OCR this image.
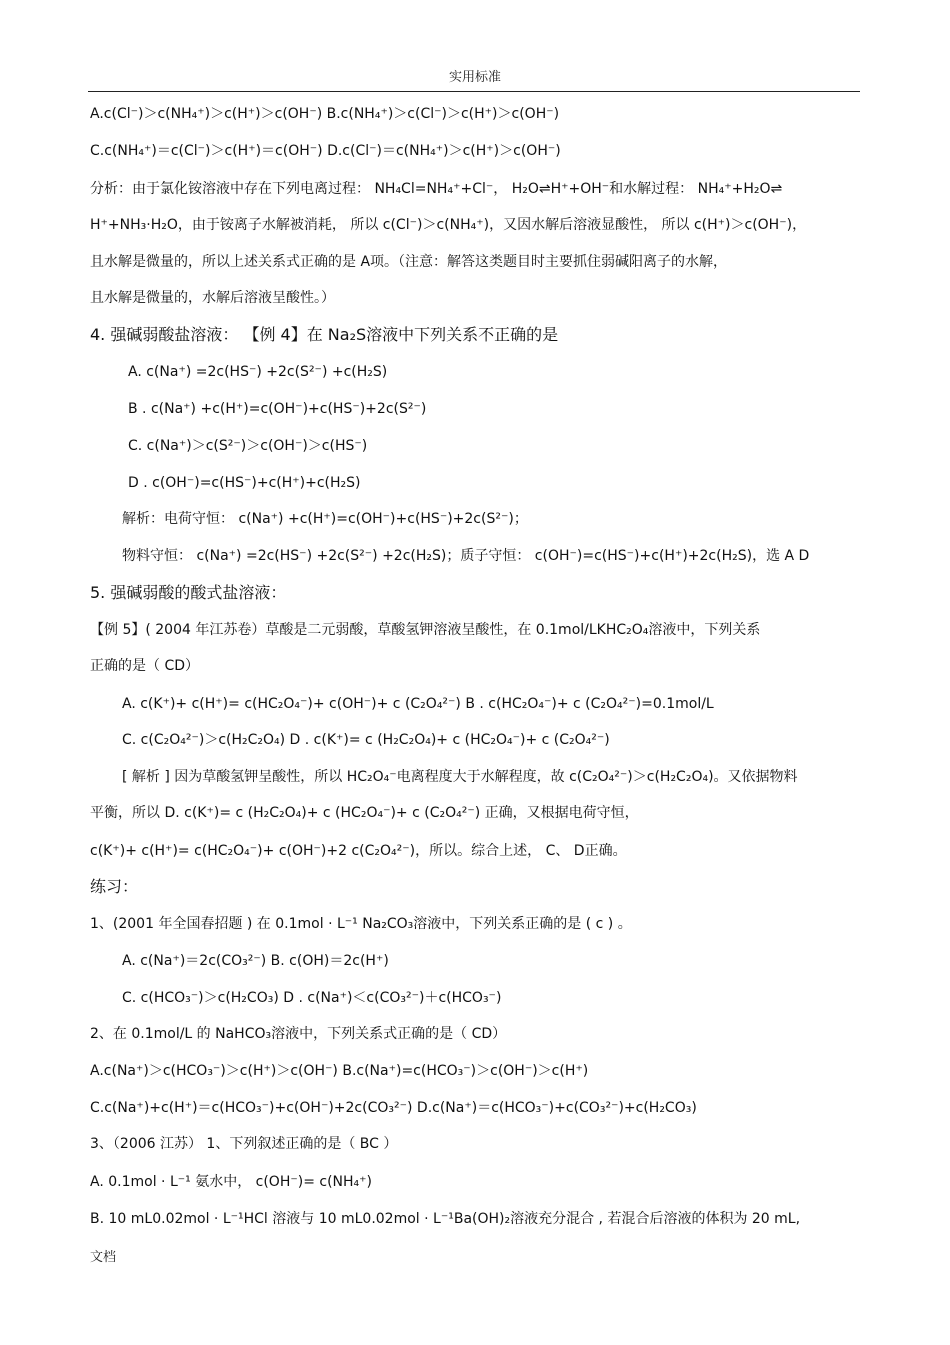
实用标准
A.c(Cl⁻)＞c(NH₄⁺)＞c(H⁺)＞c(OH⁻) B.c(NH₄⁺)＞c(Cl⁻)＞c(H⁺)＞c(OH⁻)
C.c(NH₄⁺)＝c(Cl⁻)＞c(H⁺)＝c(OH⁻) D.c(Cl⁻)＝c(NH₄⁺)＞c(H⁺)＞c(OH⁻)
分析：由于氯化铵溶液中存在下列电离过程： NH₄Cl=NH₄⁺+Cl⁻， H₂O⇌H⁺+OH⁻和水解过程： NH₄⁺+H₂O⇌
H⁺+NH₃·H₂O，由于铵离子水解被消耗， 所以 c(Cl⁻)＞c(NH₄⁺)，又因水解后溶液显酸性， 所以 c(H⁺)＞c(OH⁻)，
且水解是微量的，所以上述关系式正确的是 A项。（注意：解答这类题目时主要抓住弱碱阳离子的水解，
且水解是微量的，水解后溶液呈酸性。）
4. 强碱弱酸盐溶液： 【例 4】在 Na₂S溶液中下列关系不正确的是
A. c(Na⁺) =2c(HS⁻) +2c(S²⁻) +c(H₂S)
B . c(Na⁺) +c(H⁺)=c(OH⁻)+c(HS⁻)+2c(S²⁻)
C. c(Na⁺)＞c(S²⁻)＞c(OH⁻)＞c(HS⁻)
D . c(OH⁻)=c(HS⁻)+c(H⁺)+c(H₂S)
解析：电荷守恒： c(Na⁺) +c(H⁺)=c(OH⁻)+c(HS⁻)+2c(S²⁻)；
物料守恒： c(Na⁺) =2c(HS⁻) +2c(S²⁻) +2c(H₂S)；质子守恒： c(OH⁻)=c(HS⁻)+c(H⁺)+2c(H₂S)，选 A D
5. 强碱弱酸的酸式盐溶液：
【例 5】( 2004 年江苏卷）草酸是二元弱酸，草酸氢钾溶液呈酸性，在 0.1mol/LKHC₂O₄溶液中，下列关系
正确的是（ CD）
A. c(K⁺)+ c(H⁺)= c(HC₂O₄⁻)+ c(OH⁻)+ c (C₂O₄²⁻) B . c(HC₂O₄⁻)+ c (C₂O₄²⁻)=0.1mol/L
C. c(C₂O₄²⁻)＞c(H₂C₂O₄) D . c(K⁺)= c (H₂C₂O₄)+ c (HC₂O₄⁻)+ c (C₂O₄²⁻)
[ 解析 ] 因为草酸氢钾呈酸性，所以 HC₂O₄⁻电离程度大于水解程度，故 c(C₂O₄²⁻)＞c(H₂C₂O₄)。又依据物料
平衡，所以 D. c(K⁺)= c (H₂C₂O₄)+ c (HC₂O₄⁻)+ c (C₂O₄²⁻) 正确，又根据电荷守恒，
c(K⁺)+ c(H⁺)= c(HC₂O₄⁻)+ c(OH⁻)+2 c(C₂O₄²⁻)，所以。综合上述， C、 D正确。
练习：
1、(2001 年全国春招题 ) 在 0.1mol · L⁻¹ Na₂CO₃溶液中，下列关系正确的是 ( c ) 。
A. c(Na⁺)＝2c(CO₃²⁻) B. c(OH)＝2c(H⁺)
C. c(HCO₃⁻)＞c(H₂CO₃) D . c(Na⁺)＜c(CO₃²⁻)＋c(HCO₃⁻)
2、在 0.1mol/L 的 NaHCO₃溶液中，下列关系式正确的是（ CD）
A.c(Na⁺)＞c(HCO₃⁻)＞c(H⁺)＞c(OH⁻) B.c(Na⁺)=c(HCO₃⁻)＞c(OH⁻)＞c(H⁺)
C.c(Na⁺)+c(H⁺)＝c(HCO₃⁻)+c(OH⁻)+2c(CO₃²⁻) D.c(Na⁺)＝c(HCO₃⁻)+c(CO₃²⁻)+c(H₂CO₃)
3、（2006 江苏） 1、下列叙述正确的是（ BC ）
A. 0.1mol · L⁻¹ 氨水中， c(OH⁻)= c(NH₄⁺)
B. 10 mL0.02mol · L⁻¹HCl 溶液与 10 mL0.02mol · L⁻¹Ba(OH)₂溶液充分混合 , 若混合后溶液的体积为 20 mL,
文档
